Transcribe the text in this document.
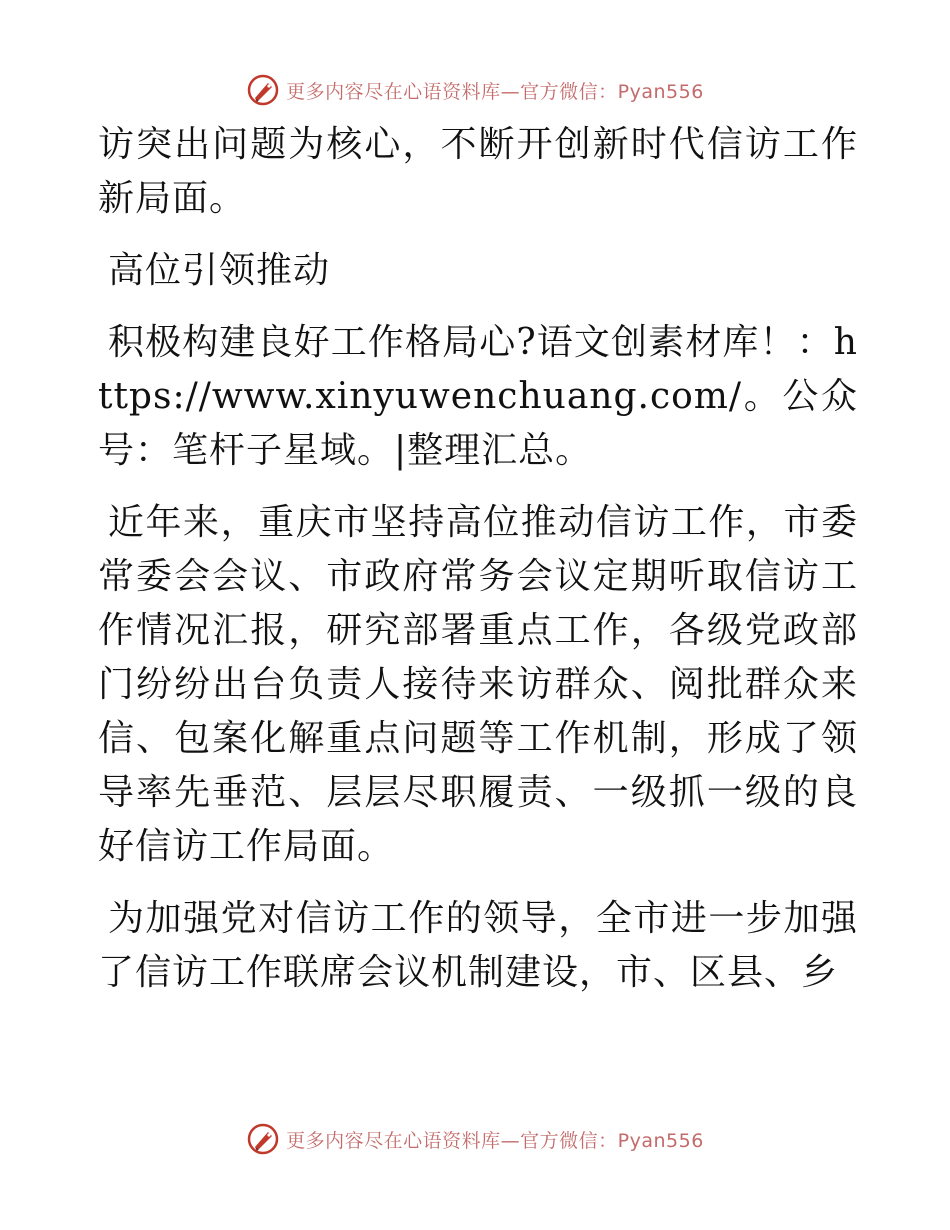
更多内容尽在心语资料库—官方微信：Pyan556

访突出问题为核心，不断开创新时代信访工作新局面。

高位引领推动

积极构建良好工作格局心?语文创素材库！：https://www.xinyuwenchuang.com/。公众号：笔杆子星域。|整理汇总。

近年来，重庆市坚持高位推动信访工作，市委常委会会议、市政府常务会议定期听取信访工作情况汇报，研究部署重点工作，各级党政部门纷纷出台负责人接待来访群众、阅批群众来信、包案化解重点问题等工作机制，形成了领导率先垂范、层层尽职履责、一级抓一级的良好信访工作局面。

为加强党对信访工作的领导，全市进一步加强了信访工作联席会议机制建设，市、区县、乡

更多内容尽在心语资料库—官方微信：Pyan556
